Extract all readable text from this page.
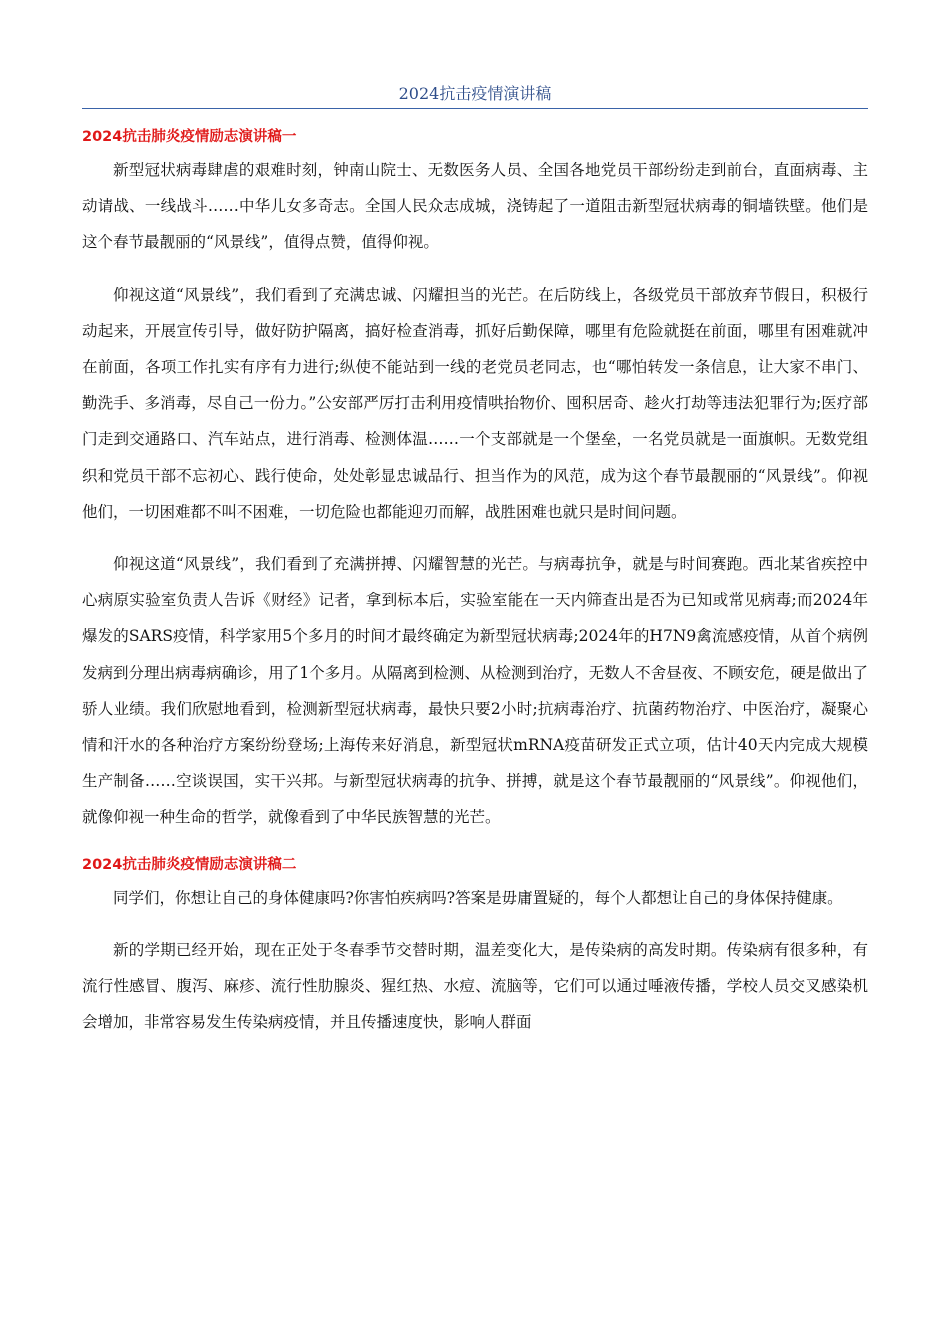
2024抗击疫情演讲稿
2024抗击肺炎疫情励志演讲稿一

新型冠状病毒肆虐的艰难时刻，钟南山院士、无数医务人员、全国各地党员干部纷纷走到前台，直面病毒、主动请战、一线战斗……中华儿女多奇志。全国人民众志成城，浇铸起了一道阻击新型冠状病毒的铜墙铁壁。他们是这个春节最靓丽的“风景线”，值得点赞，值得仰视。

仰视这道“风景线”，我们看到了充满忠诚、闪耀担当的光芒。在后防线上，各级党员干部放弃节假日，积极行动起来，开展宣传引导，做好防护隔离，搞好检查消毒，抓好后勤保障，哪里有危险就挺在前面，哪里有困难就冲在前面，各项工作扎实有序有力进行;纵使不能站到一线的老党员老同志，也“哪怕转发一条信息，让大家不串门、勤洗手、多消毒，尽自己一份力。”公安部严厉打击利用疫情哄抬物价、囤积居奇、趁火打劫等违法犯罪行为;医疗部门走到交通路口、汽车站点，进行消毒、检测体温……一个支部就是一个堡垒，一名党员就是一面旗帜。无数党组织和党员干部不忘初心、践行使命，处处彰显忠诚品行、担当作为的风范，成为这个春节最靓丽的“风景线”。仰视他们，一切困难都不叫不困难，一切危险也都能迎刃而解，战胜困难也就只是时间问题。

仰视这道“风景线”，我们看到了充满拼搏、闪耀智慧的光芒。与病毒抗争，就是与时间赛跑。西北某省疾控中心病原实验室负责人告诉《财经》记者，拿到标本后，实验室能在一天内筛查出是否为已知或常见病毒;而2024年爆发的SARS疫情，科学家用5个多月的时间才最终确定为新型冠状病毒;2024年的H7N9禽流感疫情，从首个病例发病到分理出病毒病确诊，用了1个多月。从隔离到检测、从检测到治疗，无数人不舍昼夜、不顾安危，硬是做出了骄人业绩。我们欣慰地看到，检测新型冠状病毒，最快只要2小时;抗病毒治疗、抗菌药物治疗、中医治疗，凝聚心情和汗水的各种治疗方案纷纷登场;上海传来好消息，新型冠状mRNA疫苗研发正式立项，估计40天内完成大规模生产制备……空谈误国，实干兴邦。与新型冠状病毒的抗争、拼搏，就是这个春节最靓丽的“风景线”。仰视他们，就像仰视一种生命的哲学，就像看到了中华民族智慧的光芒。

2024抗击肺炎疫情励志演讲稿二

同学们，你想让自己的身体健康吗?你害怕疾病吗?答案是毋庸置疑的，每个人都想让自己的身体保持健康。

新的学期已经开始，现在正处于冬春季节交替时期，温差变化大，是传染病的高发时期。传染病有很多种，有流行性感冒、腹泻、麻疹、流行性肋腺炎、猩红热、水痘、流脑等，它们可以通过唾液传播，学校人员交叉感染机会增加，非常容易发生传染病疫情，并且传播速度快，影响人群面
